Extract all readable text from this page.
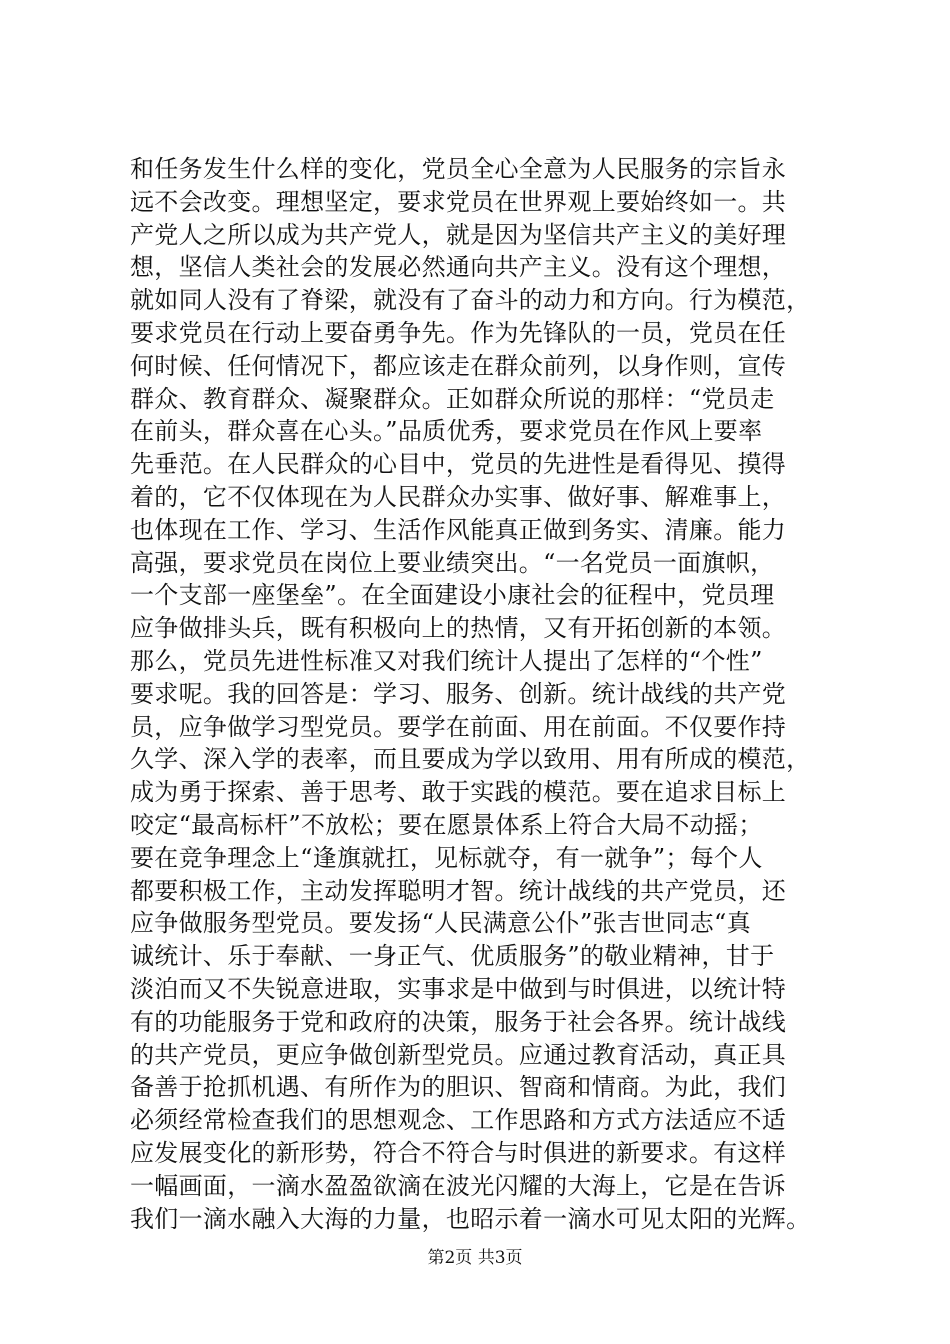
和任务发生什么样的变化，党员全心全意为人民服务的宗旨永
远不会改变。理想坚定，要求党员在世界观上要始终如一。共
产党人之所以成为共产党人，就是因为坚信共产主义的美好理
想，坚信人类社会的发展必然通向共产主义。没有这个理想，
就如同人没有了脊梁，就没有了奋斗的动力和方向。行为模范，
要求党员在行动上要奋勇争先。作为先锋队的一员，党员在任
何时候、任何情况下，都应该走在群众前列，以身作则，宣传
群众、教育群众、凝聚群众。正如群众所说的那样：“党员走
在前头，群众喜在心头。”品质优秀，要求党员在作风上要率
先垂范。在人民群众的心目中，党员的先进性是看得见、摸得
着的，它不仅体现在为人民群众办实事、做好事、解难事上，
也体现在工作、学习、生活作风能真正做到务实、清廉。能力
高强，要求党员在岗位上要业绩突出。“一名党员一面旗帜，
一个支部一座堡垒”。在全面建设小康社会的征程中，党员理
应争做排头兵，既有积极向上的热情，又有开拓创新的本领。
那么，党员先进性标准又对我们统计人提出了怎样的“个性”
要求呢。我的回答是：学习、服务、创新。统计战线的共产党
员，应争做学习型党员。要学在前面、用在前面。不仅要作持
久学、深入学的表率，而且要成为学以致用、用有所成的模范，
成为勇于探索、善于思考、敢于实践的模范。要在追求目标上
咬定“最高标杆”不放松；要在愿景体系上符合大局不动摇；
要在竞争理念上“逢旗就扛，见标就夺，有一就争”；每个人
都要积极工作，主动发挥聪明才智。统计战线的共产党员，还
应争做服务型党员。要发扬“人民满意公仆”张吉世同志“真
诚统计、乐于奉献、一身正气、优质服务”的敬业精神，甘于
淡泊而又不失锐意进取，实事求是中做到与时俱进，以统计特
有的功能服务于党和政府的决策，服务于社会各界。统计战线
的共产党员，更应争做创新型党员。应通过教育活动，真正具
备善于抢抓机遇、有所作为的胆识、智商和情商。为此，我们
必须经常检查我们的思想观念、工作思路和方式方法适应不适
应发展变化的新形势，符合不符合与时俱进的新要求。有这样
一幅画面，一滴水盈盈欲滴在波光闪耀的大海上，它是在告诉
我们一滴水融入大海的力量，也昭示着一滴水可见太阳的光辉。
第2页 共3页
